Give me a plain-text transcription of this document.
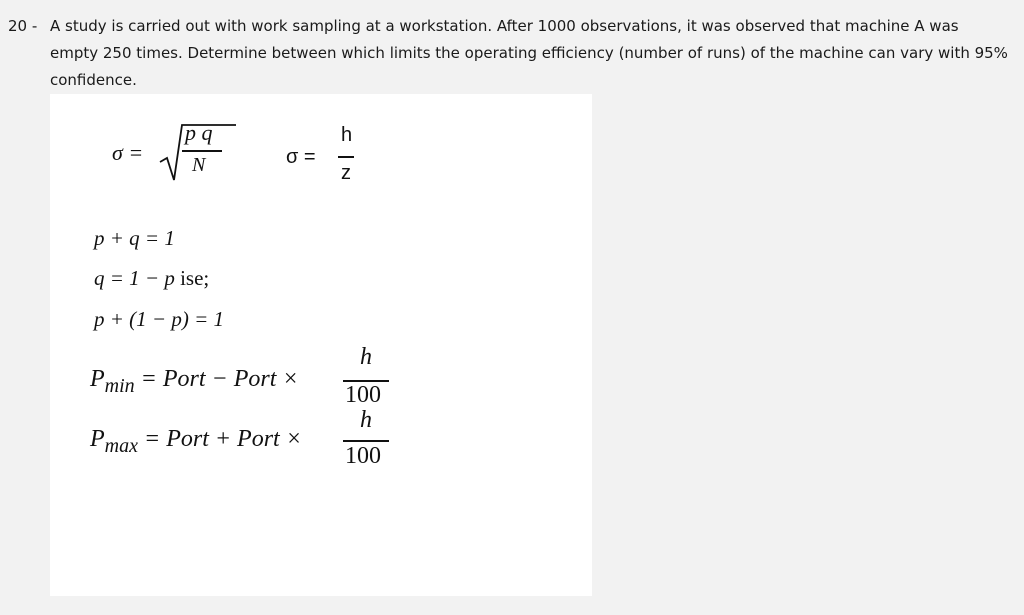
20 - A study is carried out with work sampling at a workstation. After 1000 observations, it was observed that machine A was empty 250 times. Determine between which limits the operating efficiency (number of runs) of the machine can vary with 95% confidence.
σ =
p q
N	σ =
h
z
p + q = 1
q = 1 − p ise;
p + (1 − p) = 1
$P_{min}$ = Port − Port ×
h
100
$P_{max}$ = Port + Port ×
h
100
